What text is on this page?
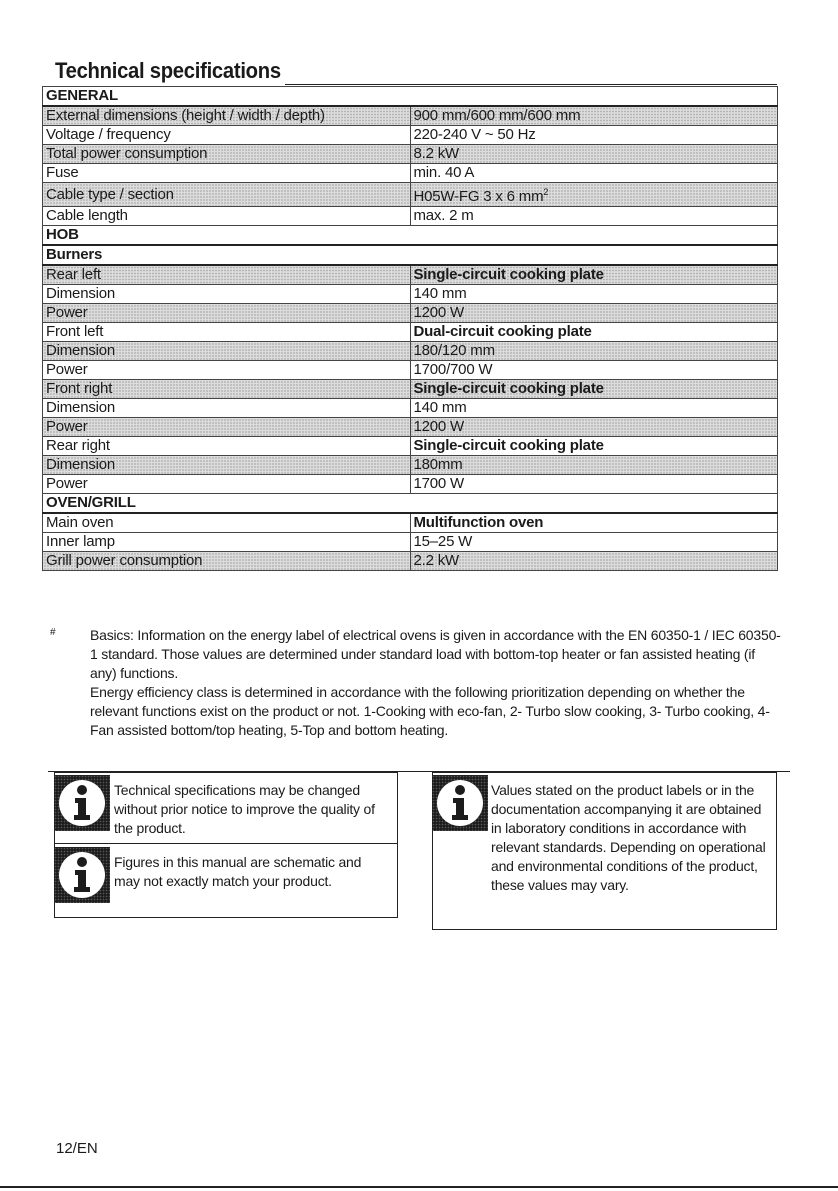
Technical specifications
GENERAL	
External dimensions (height / width / depth)	900 mm/600 mm/600 mm
Voltage / frequency	220-240 V ~ 50 Hz
Total power consumption	8.2 kW
Fuse	min. 40 A
Cable type / section	H05W-FG 3 x 6 $mm^2$
Cable length	max. 2 m
HOB	
Burners	
Rear left	Single-circuit cooking plate
Dimension	140 mm
Power	1200 W
Front left	Dual-circuit cooking plate
Dimension	180/120 mm
Power	1700/700 W
Front right	Single-circuit cooking plate
Dimension	140 mm
Power	1200 W
Rear right	Single-circuit cooking plate
Dimension	180mm
Power	1700 W
OVEN/GRILL	
Main oven	Multifunction oven
Inner lamp	15–25 W
Grill power consumption	2.2 kW
# Basics: Information on the energy label of electrical ovens is given in accordance with the EN 60350-1 / IEC 60350-1 standard. Those values are determined under standard load with bottom-top heater or fan assisted heating (if any) functions.

Energy efficiency class is determined in accordance with the following prioritization depending on whether the relevant functions exist on the product or not. 1-Cooking with eco-fan, 2- Turbo slow cooking, 3- Turbo cooking, 4- Fan assisted bottom/top heating, 5-Top and bottom heating.

Technical specifications may be changed without prior notice to improve the quality of the product.
Figures in this manual are schematic and may not exactly match your product.
Values stated on the product labels or in the documentation accompanying it are obtained in laboratory conditions in accordance with relevant standards. Depending on operational and environmental conditions of the product, these values may vary.
12/EN
